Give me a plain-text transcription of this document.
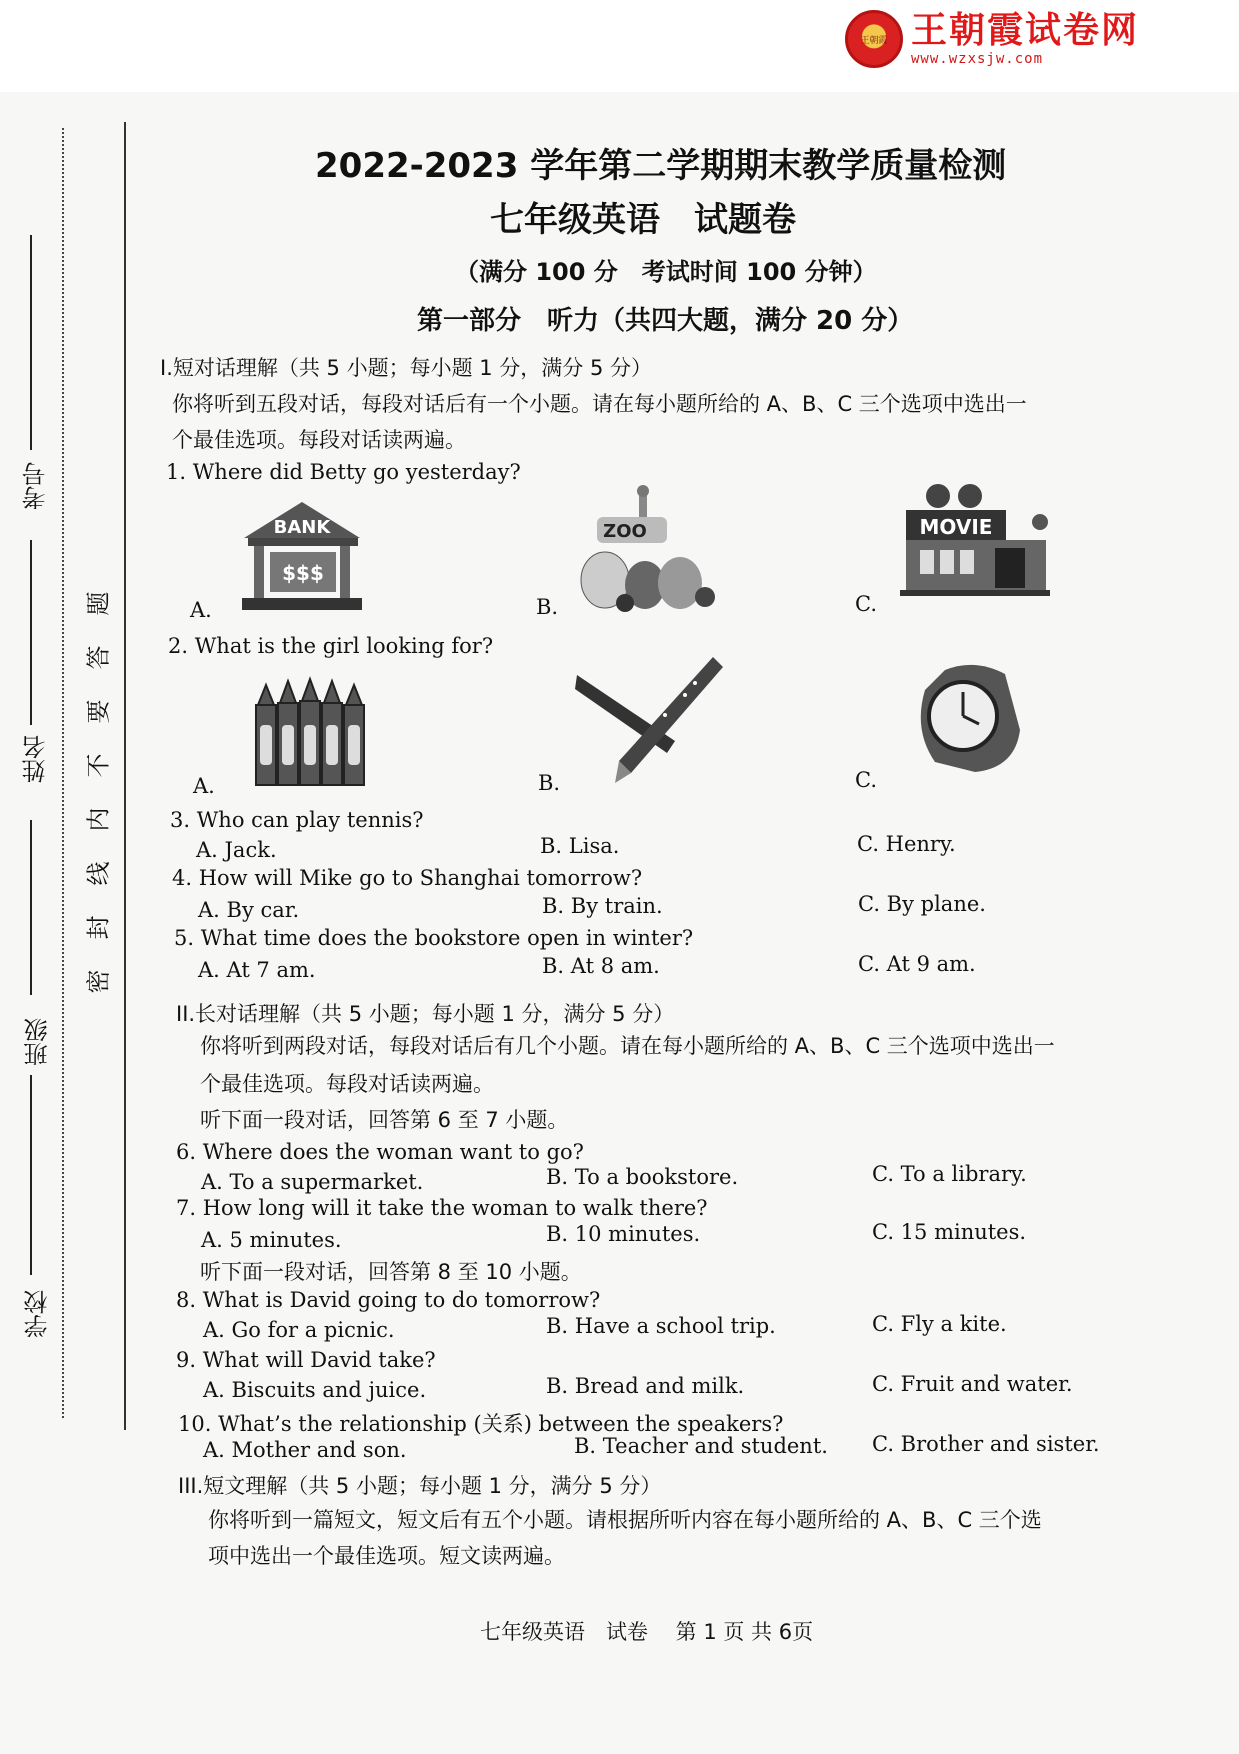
王朝霞 王朝霞试卷网
www.wzxsjw.com
考号
姓名
班级
学校
密
封
线
内
不
要
答
题
2022-2023 学年第二学期期末教学质量检测
七年级英语　试题卷
（满分 100 分　考试时间 100 分钟）
第一部分　听力（共四大题，满分 20 分）
I.短对话理解（共 5 小题；每小题 1 分，满分 5 分）
你将听到五段对话，每段对话后有一个小题。请在每小题所给的 A、B、C 三个选项中选出一
个最佳选项。每段对话读两遍。
1. Where did Betty go yesterday?
BANK
$$$
ZOO	MOVIE
A.	B.	C.
2. What is the girl looking for?
A.	B.	C.
3. Who can play tennis?
A. Jack.	B. Lisa.	C. Henry.
4. How will Mike go to Shanghai tomorrow?
A. By car.	B. By train.	C. By plane.
5. What time does the bookstore open in winter?
A. At 7 am.	B. At 8 am.	C. At 9 am.
II.长对话理解（共 5 小题；每小题 1 分，满分 5 分）
你将听到两段对话，每段对话后有几个小题。请在每小题所给的 A、B、C 三个选项中选出一
个最佳选项。每段对话读两遍。
听下面一段对话，回答第 6 至 7 小题。
6. Where does the woman want to go?
A. To a supermarket.	B. To a bookstore.	C. To a library.
7. How long will it take the woman to walk there?
A. 5 minutes.	B. 10 minutes.	C. 15 minutes.
听下面一段对话，回答第 8 至 10 小题。
8. What is David going to do tomorrow?
A. Go for a picnic.	B. Have a school trip.	C. Fly a kite.
9. What will David take?
A. Biscuits and juice.	B. Bread and milk.	C. Fruit and water.
10. What’s the relationship (关系) between the speakers?
A. Mother and son.	B. Teacher and student. C. Brother and sister.
III.短文理解（共 5 小题；每小题 1 分，满分 5 分）
你将听到一篇短文，短文后有五个小题。请根据所听内容在每小题所给的 A、B、C 三个选
项中选出一个最佳选项。短文读两遍。
七年级英语　试卷　 第 1 页 共 6页
